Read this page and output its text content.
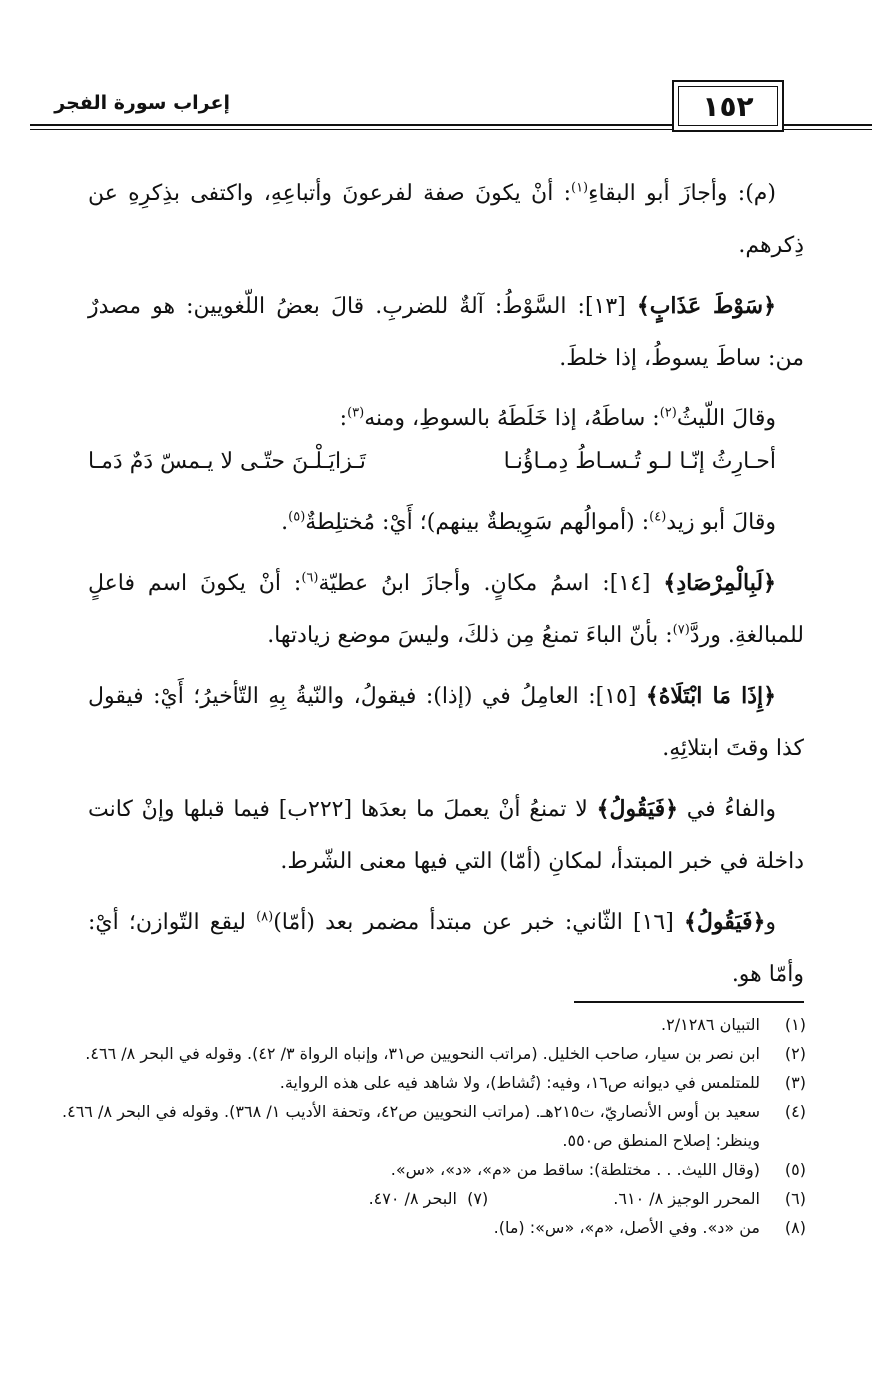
١٥٢
إعراب سورة الفجر

(م): وأجازَ أبو البقاءِ$^{(١)}$: أنْ يكونَ صفة لفرعونَ وأتباعِهِ، واكتفى بذِكرِهِ عن ذِكرهم.

﴿سَوْطَ عَذَابٍ﴾ [١٣]: السَّوْطُ: آلةٌ للضربِ. قالَ بعضُ اللّغويين: هو مصدرٌ من: ساطَ يسوطُ، إذا خلطَ.

وقالَ اللّيثُ$^{(٢)}$: ساطَهُ، إذا خَلَطَهُ بالسوطِ، ومنه$^{(٣)}$:

وقالَ أبو زيد$^{(٤)}$: (أموالُهم سَوِيطةٌ بينهم)؛ أَيْ: مُختلِطةٌ$^{(٥)}$.

﴿لَبِالْمِرْصَادِ﴾ [١٤]: اسمُ مكانٍ. وأجازَ ابنُ عطيّة$^{(٦)}$: أنْ يكونَ اسم فاعلٍ للمبالغةِ. وردَّ$^{(٧)}$: بأنّ الباءَ تمنعُ مِن ذلكَ، وليسَ موضع زيادتها.

﴿إِذَا مَا ابْتَلَاهُ﴾ [١٥]: العامِلُ في (إذا): فيقولُ، والنّيةُ بِهِ التّأخيرُ؛ أَيْ: فيقول كذا وقتَ ابتلائِهِ.

والفاءُ في ﴿فَيَقُولُ﴾ لا تمنعُ أنْ يعملَ ما بعدَها [٢٢٢ب] فيما قبلها وإنْ كانت داخلة في خبر المبتدأ، لمكانِ (أمّا) التي فيها معنى الشّرط.

و﴿فَيَقُولُ﴾ [١٦] الثّاني: خبر عن مبتدأ مضمر بعد (أمّا)$^{(٨)}$ ليقع التّوازن؛ أيْ: وأمّا هو.

أحـارِثُ إنّـا لـو تُـسـاطُ دِمـاؤُنـا
تَـزايَـلْـنَ حتّـى لا يـمسّ دَمٌ دَمـا
(١)
التبيان ٢/١٢٨٦.
(٢)
ابن نصر بن سيار، صاحب الخليل. (مراتب النحويين ص٣١، وإنباه الرواة ٣/ ٤٢). وقوله في البحر ٨/ ٤٦٦.
(٣)
للمتلمس في ديوانه ص١٦، وفيه: (تُشاط)، ولا شاهد فيه على هذه الرواية.
(٤)
سعيد بن أوس الأنصاريّ، ت٢١٥هـ. (مراتب النحويين ص٤٢، وتحفة الأديب ١/ ٣٦٨). وقوله في البحر ٨/ ٤٦٦. وينظر: إصلاح المنطق ص٥٥٠.
(٥)
(وقال الليث. . . مختلطة): ساقط من «م»، «د»، «س».
(٦)
المحرر الوجيز ٨/ ٦١٠. (٧)  البحر ٨/ ٤٧٠.
(٨)
من «د». وفي الأصل، «م»، «س»: (ما).
